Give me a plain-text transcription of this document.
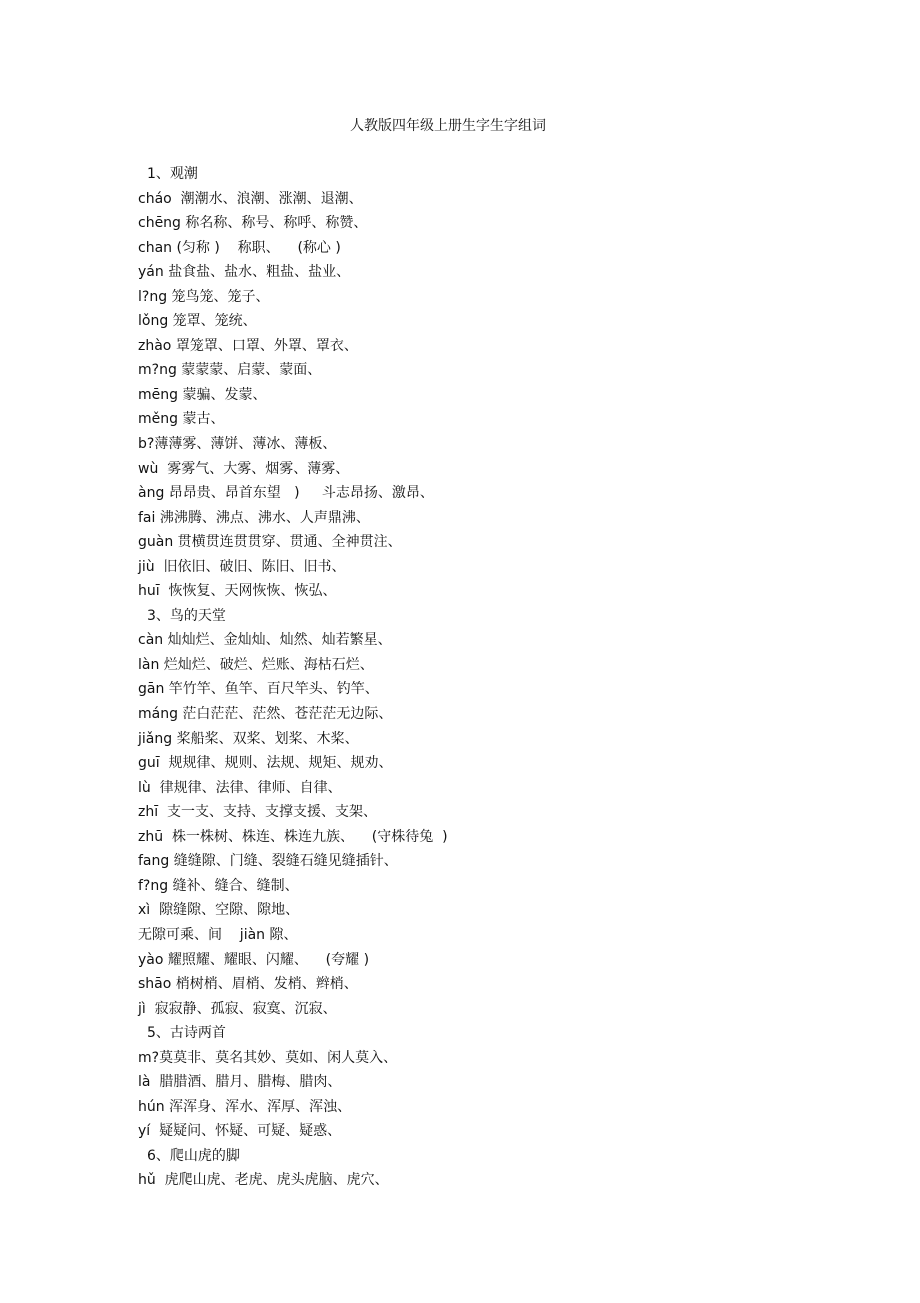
人教版四年级上册生字生字组词
1、观潮
cháo  潮潮水、浪潮、涨潮、退潮、
chēng 称名称、称号、称呼、称赞、
chan (匀称 )    称职、    (称心 )
yán 盐食盐、盐水、粗盐、盐业、
l?ng 笼鸟笼、笼子、
lǒng 笼罩、笼统、
zhào 罩笼罩、口罩、外罩、罩衣、
m?ng 蒙蒙蒙、启蒙、蒙面、
mēng 蒙骗、发蒙、
měng 蒙古、
b?薄薄雾、薄饼、薄冰、薄板、
wù  雾雾气、大雾、烟雾、薄雾、
àng 昂昂贵、昂首东望   )     斗志昂扬、激昂、
fai 沸沸腾、沸点、沸水、人声鼎沸、
guàn 贯横贯连贯贯穿、贯通、全神贯注、
jiù  旧依旧、破旧、陈旧、旧书、
huī  恢恢复、天网恢恢、恢弘、
3、鸟的天堂
càn 灿灿烂、金灿灿、灿然、灿若繁星、
làn 烂灿烂、破烂、烂账、海枯石烂、
gān 竿竹竿、鱼竿、百尺竿头、钓竿、
máng 茫白茫茫、茫然、苍茫茫无边际、
jiǎng 桨船桨、双桨、划桨、木桨、
guī  规规律、规则、法规、规矩、规劝、
lù  律规律、法律、律师、自律、
zhī  支一支、支持、支撑支援、支架、
zhū  株一株树、株连、株连九族、    (守株待兔  )
fang 缝缝隙、门缝、裂缝石缝见缝插针、
f?ng 缝补、缝合、缝制、
xì  隙缝隙、空隙、隙地、
无隙可乘、间    jiàn 隙、
yào 耀照耀、耀眼、闪耀、    (夸耀 )
shāo 梢树梢、眉梢、发梢、辫梢、
jì  寂寂静、孤寂、寂寞、沉寂、
5、古诗两首
m?莫莫非、莫名其妙、莫如、闲人莫入、
là  腊腊酒、腊月、腊梅、腊肉、
hún 浑浑身、浑水、浑厚、浑浊、
yí  疑疑问、怀疑、可疑、疑惑、
6、爬山虎的脚
hǔ  虎爬山虎、老虎、虎头虎脑、虎穴、
